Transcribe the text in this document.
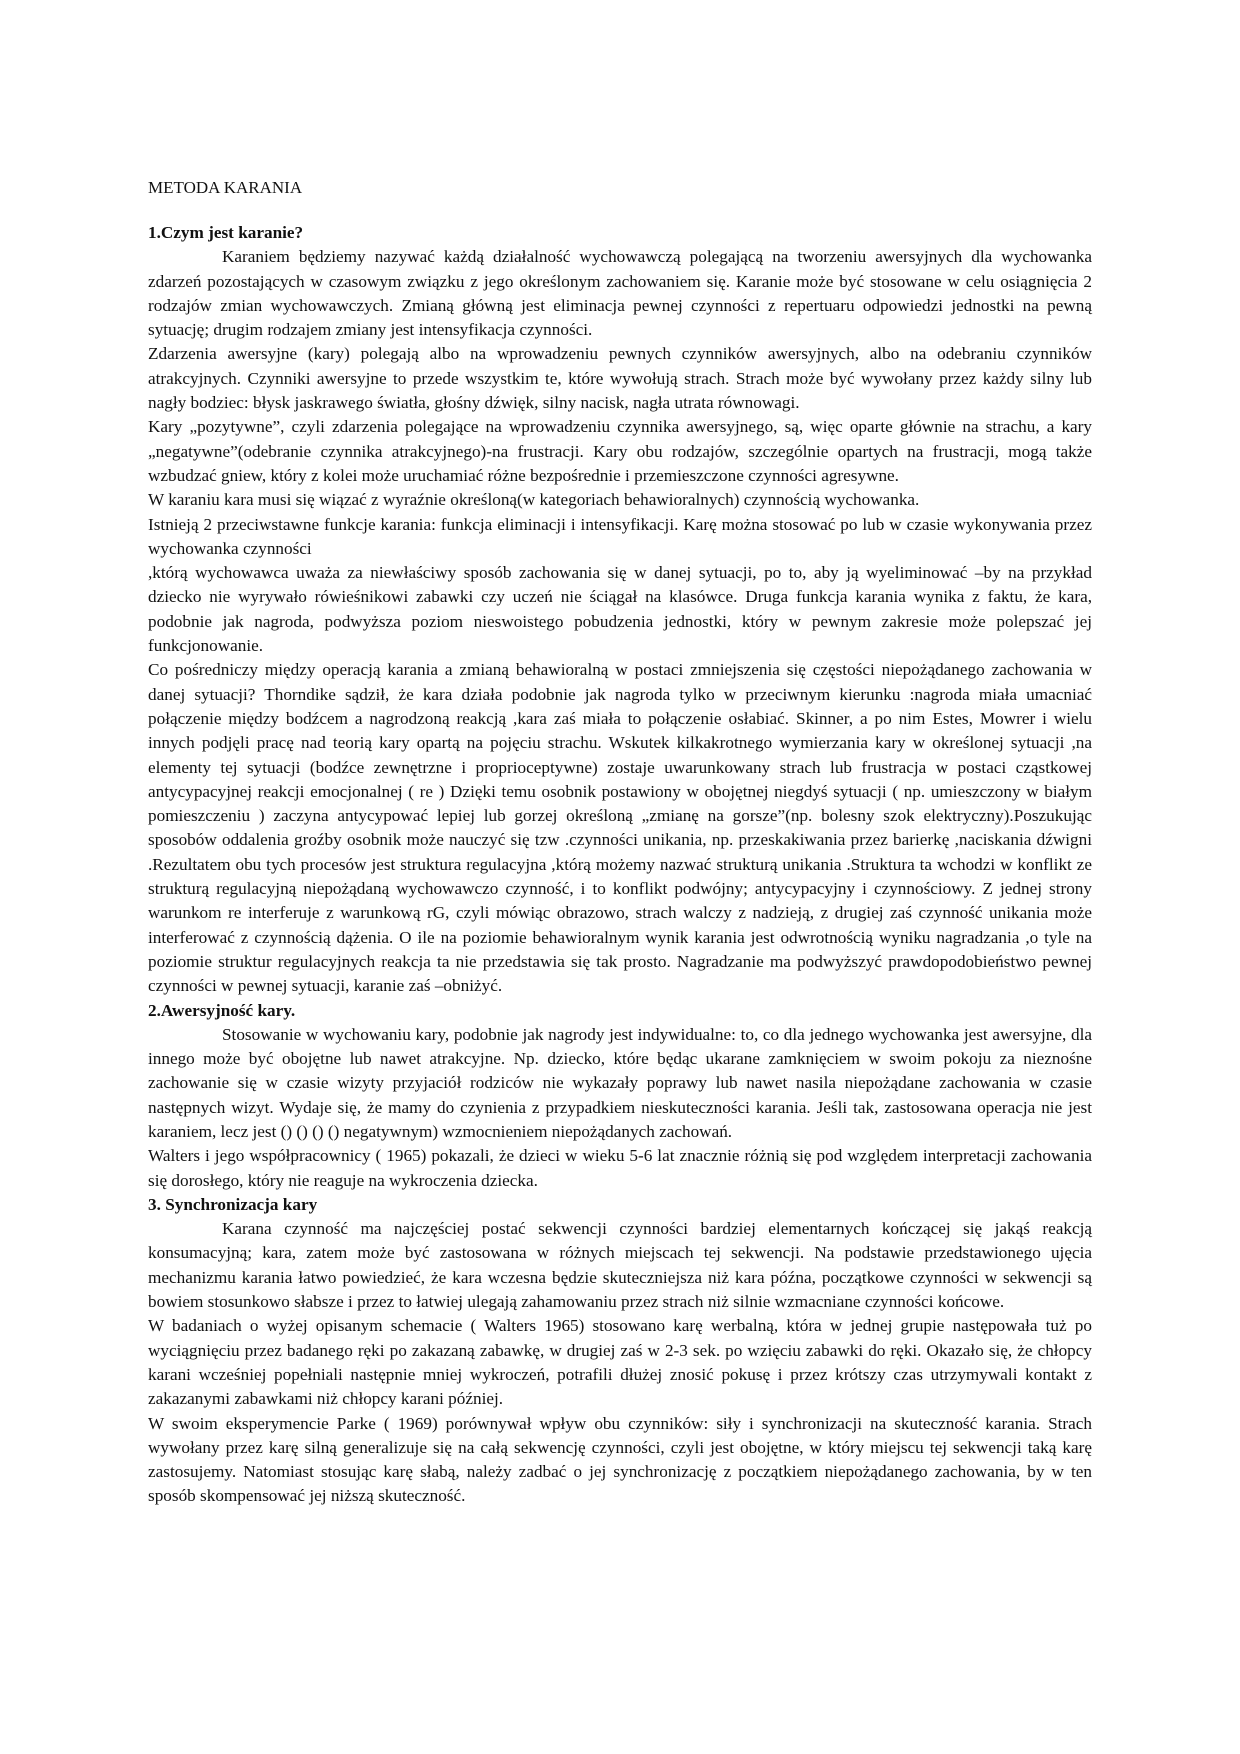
METODA KARANIA
1.Czym jest karanie?

Karaniem będziemy nazywać każdą działalność wychowawczą polegającą na tworzeniu awersyjnych dla wychowanka zdarzeń pozostających w czasowym związku z jego określonym zachowaniem się. Karanie może być stosowane w celu osiągnięcia 2 rodzajów zmian wychowawczych. Zmianą główną jest eliminacja pewnej czynności z repertuaru odpowiedzi jednostki na pewną sytuację; drugim rodzajem zmiany jest intensyfikacja czynności.

Zdarzenia awersyjne (kary) polegają albo na wprowadzeniu pewnych czynników awersyjnych, albo na odebraniu czynników atrakcyjnych. Czynniki awersyjne to przede wszystkim te, które wywołują strach. Strach może być wywołany przez każdy silny lub nagły bodziec: błysk jaskrawego światła, głośny dźwięk, silny nacisk, nagła utrata równowagi.

Kary „pozytywne”, czyli zdarzenia polegające na wprowadzeniu czynnika awersyjnego, są, więc oparte głównie na strachu, a kary „negatywne”(odebranie czynnika atrakcyjnego)-na frustracji. Kary obu rodzajów, szczególnie opartych na frustracji, mogą także wzbudzać gniew, który z kolei może uruchamiać różne bezpośrednie i przemieszczone czynności agresywne.

W karaniu kara musi się wiązać z wyraźnie określoną(w kategoriach behawioralnych) czynnością wychowanka.

Istnieją 2 przeciwstawne funkcje karania: funkcja eliminacji i intensyfikacji. Karę można stosować po lub w czasie wykonywania przez wychowanka czynności

,którą wychowawca uważa za niewłaściwy sposób zachowania się w danej sytuacji, po to, aby ją wyeliminować –by na przykład dziecko nie wyrywało rówieśnikowi zabawki czy uczeń nie ściągał na klasówce. Druga funkcja karania wynika z faktu, że kara, podobnie jak nagroda, podwyższa poziom nieswoistego pobudzenia jednostki, który w pewnym zakresie może polepszać jej funkcjonowanie.

Co pośredniczy między operacją karania a zmianą behawioralną w postaci zmniejszenia się częstości niepożądanego zachowania w danej sytuacji? Thorndike sądził, że kara działa podobnie jak nagroda tylko w przeciwnym kierunku :nagroda miała umacniać połączenie między bodźcem a nagrodzoną reakcją ,kara zaś miała to połączenie osłabiać. Skinner, a po nim Estes, Mowrer i wielu innych podjęli pracę nad teorią kary opartą na pojęciu strachu. Wskutek kilkakrotnego wymierzania kary w określonej sytuacji ,na elementy tej sytuacji (bodźce zewnętrzne i proprioceptywne) zostaje uwarunkowany strach lub frustracja w postaci cząstkowej antycypacyjnej reakcji emocjonalnej ( re ) Dzięki temu osobnik postawiony w obojętnej niegdyś sytuacji ( np. umieszczony w białym pomieszczeniu ) zaczyna antycypować lepiej lub gorzej określoną „zmianę na gorsze”(np. bolesny szok elektryczny).Poszukując sposobów oddalenia groźby osobnik może nauczyć się tzw .czynności unikania, np. przeskakiwania przez barierkę ,naciskania dźwigni .Rezultatem obu tych procesów jest struktura regulacyjna ,którą możemy nazwać strukturą unikania .Struktura ta wchodzi w konflikt ze strukturą regulacyjną niepożądaną wychowawczo czynność, i to konflikt podwójny; antycypacyjny i czynnościowy. Z jednej strony warunkom re interferuje z warunkową rG, czyli mówiąc obrazowo, strach walczy z nadzieją, z drugiej zaś czynność unikania może interferować z czynnością dążenia. O ile na poziomie behawioralnym wynik karania jest odwrotnością wyniku nagradzania ,o tyle na poziomie struktur regulacyjnych reakcja ta nie przedstawia się tak prosto. Nagradzanie ma podwyższyć prawdopodobieństwo pewnej czynności w pewnej sytuacji, karanie zaś –obniżyć.

2.Awersyjność kary.

Stosowanie w wychowaniu kary, podobnie jak nagrody jest indywidualne: to, co dla jednego wychowanka jest awersyjne, dla innego może być obojętne lub nawet atrakcyjne. Np. dziecko, które będąc ukarane zamknięciem w swoim pokoju za nieznośne zachowanie się w czasie wizyty przyjaciół rodziców nie wykazały poprawy lub nawet nasila niepożądane zachowania w czasie następnych wizyt. Wydaje się, że mamy do czynienia z przypadkiem nieskuteczności karania. Jeśli tak, zastosowana operacja nie jest karaniem, lecz jest () () () () negatywnym) wzmocnieniem niepożądanych zachowań.

Walters i jego współpracownicy ( 1965) pokazali, że dzieci w wieku 5-6 lat znacznie różnią się pod względem interpretacji zachowania się dorosłego, który nie reaguje na wykroczenia dziecka.

3. Synchronizacja kary

Karana czynność ma najczęściej postać sekwencji czynności bardziej elementarnych kończącej się jakąś reakcją konsumacyjną; kara, zatem może być zastosowana w różnych miejscach tej sekwencji. Na podstawie przedstawionego ujęcia mechanizmu karania łatwo powiedzieć, że kara wczesna będzie skuteczniejsza niż kara późna, początkowe czynności w sekwencji są bowiem stosunkowo słabsze i przez to łatwiej ulegają zahamowaniu przez strach niż silnie wzmacniane czynności końcowe.

W badaniach o wyżej opisanym schemacie ( Walters 1965) stosowano karę werbalną, która w jednej grupie następowała tuż po wyciągnięciu przez badanego ręki po zakazaną zabawkę, w drugiej zaś w 2-3 sek. po wzięciu zabawki do ręki. Okazało się, że chłopcy karani wcześniej popełniali następnie mniej wykroczeń, potrafili dłużej znosić pokusę i przez krótszy czas utrzymywali kontakt z zakazanymi zabawkami niż chłopcy karani później.

W swoim eksperymencie Parke ( 1969) porównywał wpływ obu czynników: siły i synchronizacji na skuteczność karania. Strach wywołany przez karę silną generalizuje się na całą sekwencję czynności, czyli jest obojętne, w który miejscu tej sekwencji taką karę zastosujemy. Natomiast stosując karę słabą, należy zadbać o jej synchronizację z początkiem niepożądanego zachowania, by w ten sposób skompensować jej niższą skuteczność.
